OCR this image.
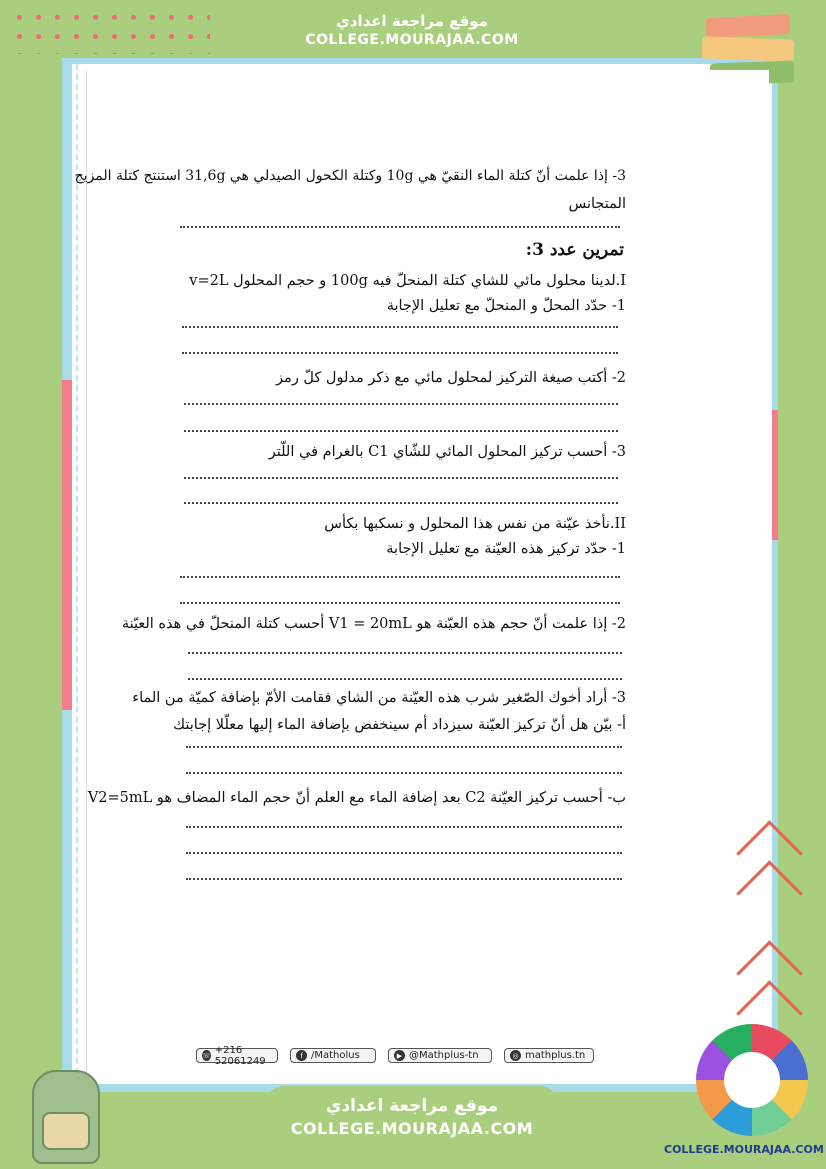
موقع مراجعة اعدادي
COLLEGE.MOURAJAA.COM
3- إذا علمت أنّ كتلة الماء النقيّ هي 10g وكتلة الكحول الصيدلي هي 31,6g استنتج كتلة المزيج
المتجانس
تمرين عدد 3:
I.لدينا محلول مائي للشاي كتلة المنحلّ فيه 100g و حجم المحلول v=2L
1- حدّد المحلّ و المنحلّ مع تعليل الإجابة
2- أكتب صيغة التركيز لمحلول مائي مع ذكر مدلول كلّ رمز
3- أحسب تركيز المحلول المائي للشّاي C1 بالغرام في اللّتر
II.نأخذ عيّنة من نفس هذا المحلول و نسكبها بكأس
1- حدّد تركيز هذه العيّنة مع تعليل الإجابة
2- إذا علمت أنّ حجم هذه العيّنة هو V1 = 20mL أحسب كتلة المنحلّ في هذه العيّنة
3- أراد أخوك الصّغير شرب هذه العيّنة من الشاي فقامت الأمّ بإضافة كميّة من الماء
أ- بيّن هل أنّ تركيز العيّنة سيزداد أم سينخفض بإضافة الماء إليها معلّلا إجابتك
ب- أحسب تركيز العيّنة C2 بعد إضافة الماء مع العلم أنّ حجم الماء المضاف هو V2=5mL
☏ +216 52061249	f /Matholus	▶ @Mathplus-tn	◎ mathplus.tn
موقع مراجعة اعدادي
COLLEGE.MOURAJAA.COM
COLLEGE.MOURAJAA.COM
